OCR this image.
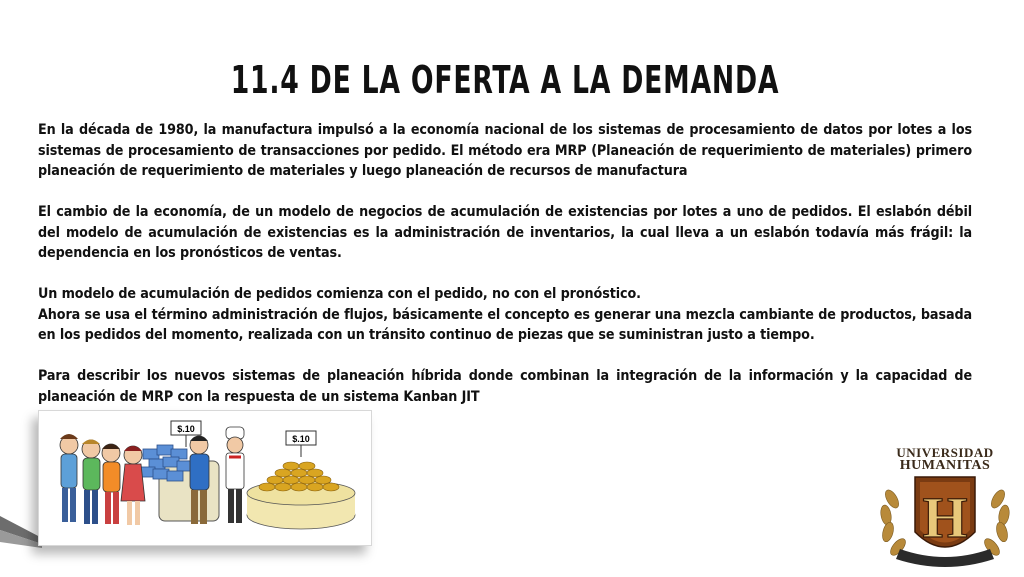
11.4 DE LA OFERTA A LA DEMANDA

En la década de 1980, la manufactura impulsó a la economía nacional de los sistemas de procesamiento de datos por lotes a los sistemas de procesamiento de transacciones por pedido. El método era MRP (Planeación de requerimiento de materiales) primero planeación de requerimiento de materiales y luego planeación de recursos de manufactura

El cambio de la economía, de un modelo de negocios de acumulación de existencias por lotes a uno de pedidos. El eslabón débil del modelo de acumulación de existencias es la administración de inventarios, la cual lleva a un eslabón todavía más frágil: la dependencia en los pronósticos de ventas.

Un modelo de acumulación de pedidos comienza con el pedido, no con el pronóstico.

Ahora se usa el término administración de flujos, básicamente el concepto es generar una mezcla cambiante de productos, basada en los pedidos del momento, realizada con un tránsito continuo de piezas que se suministran justo a tiempo.

Para describir los nuevos sistemas de planeación híbrida donde combinan la integración de la información y la capacidad de planeación de MRP con la respuesta de un sistema Kanban JIT

$.10
$.10
H
UNIVERSIDAD
HUMANITAS
